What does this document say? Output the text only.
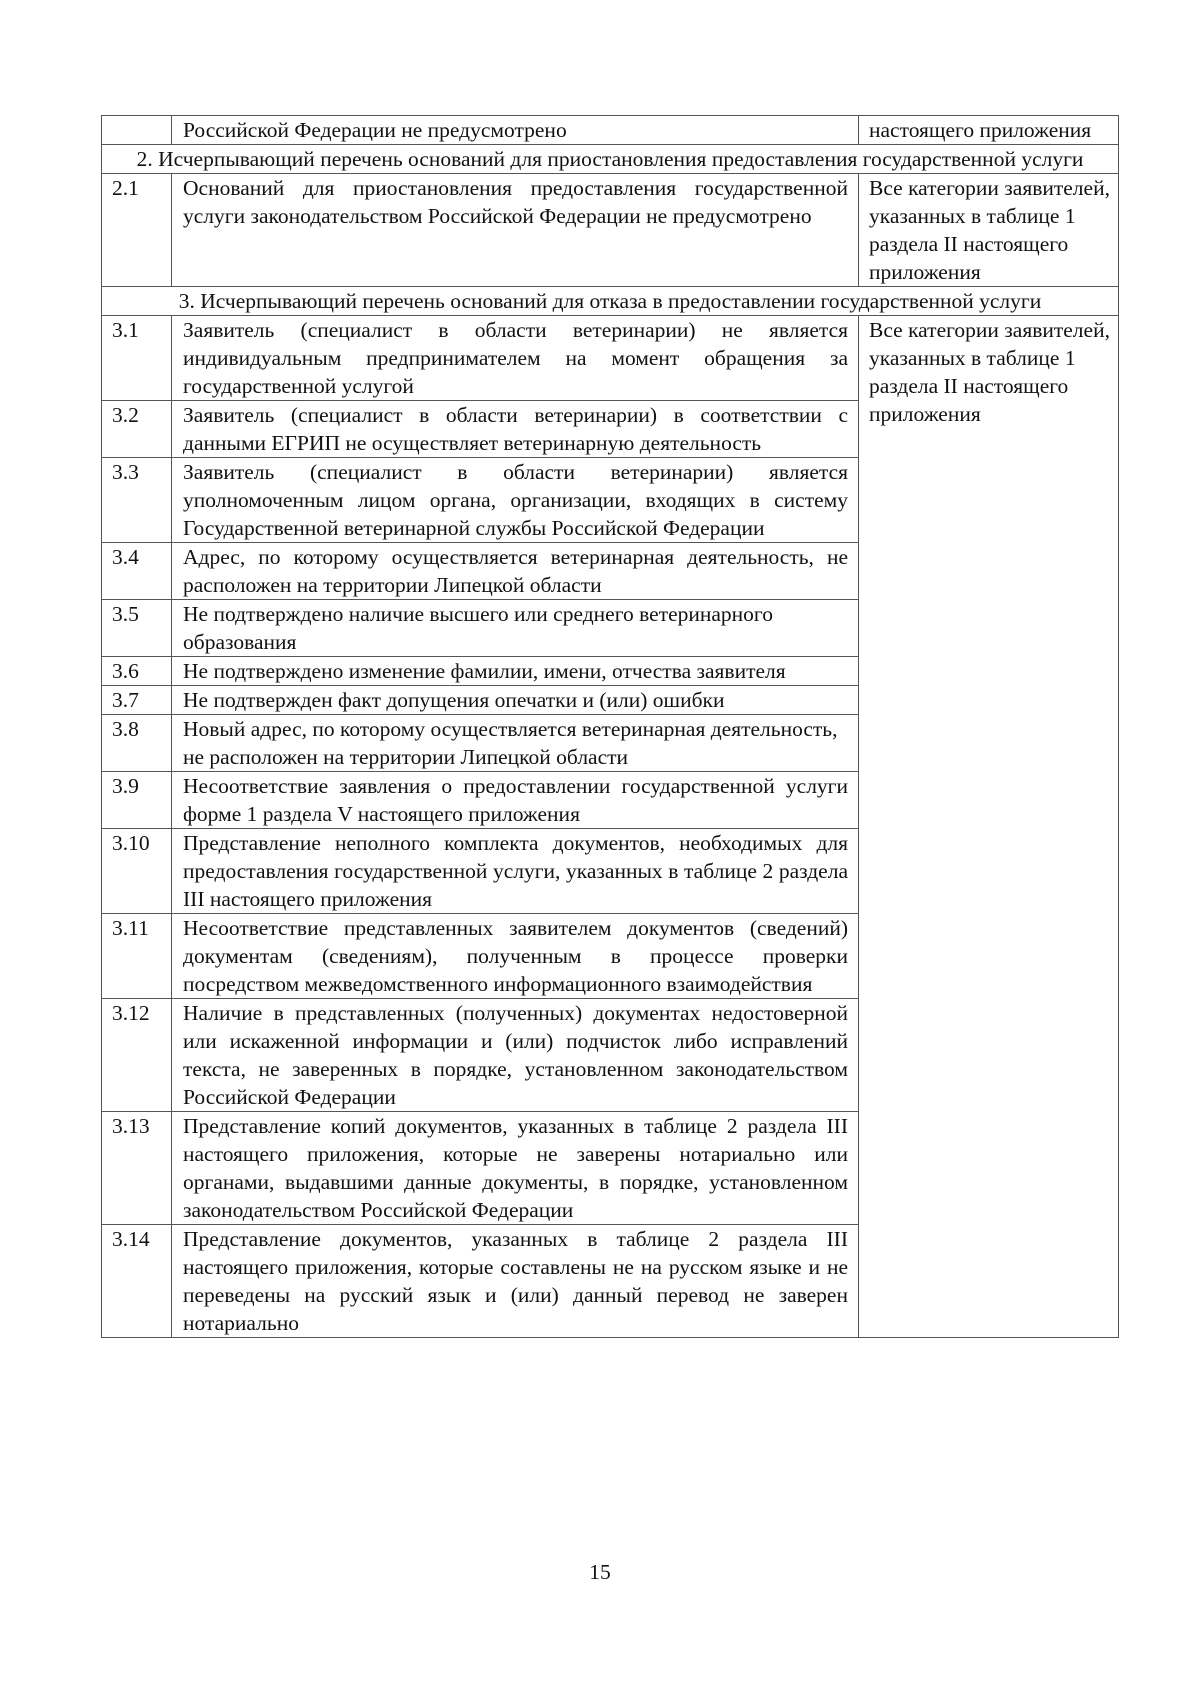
	Российской Федерации не предусмотрено	настоящего приложения
2. Исчерпывающий перечень оснований для приостановления предоставления государственной услуги		
2.1	Оснований для приостановления предоставления государственной услуги законодательством Российской Федерации не предусмотрено	Все категории заявителей, указанных в таблице 1 раздела II настоящего приложения
3. Исчерпывающий перечень оснований для отказа в предоставлении государственной услуги		
3.1	Заявитель (специалист в области ветеринарии) не является индивидуальным предпринимателем на момент обращения за государственной услугой	Все категории заявителей, указанных в таблице 1 раздела II настоящего приложения
3.2	Заявитель (специалист в области ветеринарии) в соответствии с данными ЕГРИП не осуществляет ветеринарную деятельность	
3.3	Заявитель (специалист в области ветеринарии) является уполномоченным лицом органа, организации, входящих в систему Государственной ветеринарной службы Российской Федерации	
3.4	Адрес, по которому осуществляется ветеринарная деятельность, не расположен на территории Липецкой области	
3.5	Не подтверждено наличие высшего или среднего ветеринарного образования	
3.6	Не подтверждено изменение фамилии, имени, отчества заявителя	
3.7	Не подтвержден факт допущения опечатки и (или) ошибки	
3.8	Новый адрес, по которому осуществляется ветеринарная деятельность, не расположен на территории Липецкой области	
3.9	Несоответствие заявления о предоставлении государственной услуги форме 1 раздела V настоящего приложения	
3.10	Представление неполного комплекта документов, необходимых для предоставления государственной услуги, указанных в таблице 2 раздела III настоящего приложения	
3.11	Несоответствие представленных заявителем документов (сведений) документам (сведениям), полученным в процессе проверки посредством межведомственного информационного взаимодействия	
3.12	Наличие в представленных (полученных) документах недостоверной или искаженной информации и (или) подчисток либо исправлений текста, не заверенных в порядке, установленном законодательством Российской Федерации	
3.13	Представление копий документов, указанных в таблице 2 раздела III настоящего приложения, которые не заверены нотариально или органами, выдавшими данные документы, в порядке, установленном законодательством Российской Федерации	
3.14	Представление документов, указанных в таблице 2 раздела III настоящего приложения, которые составлены не на русском языке и не переведены на русский язык и (или) данный перевод не заверен нотариально	
15
